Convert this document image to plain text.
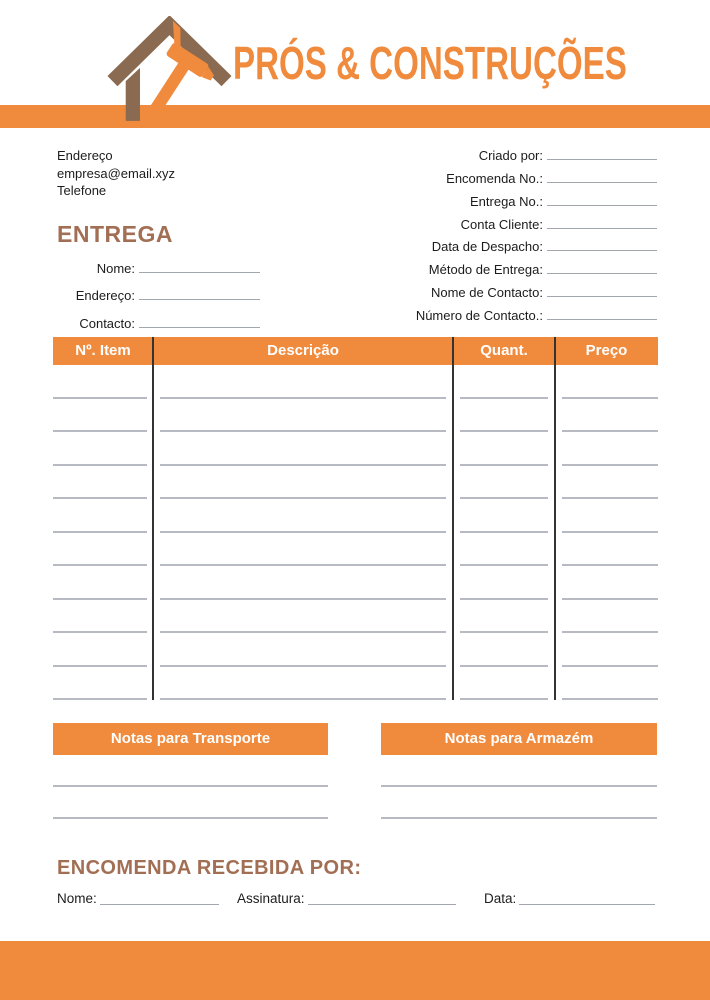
PRÓS & CONSTRUÇÕES
Endereço
empresa@email.xyz
Telefone
Criado por:
Encomenda No.:
Entrega No.:
Conta Cliente:
Data de Despacho:
Método de Entrega:
Nome de Contacto:
Número de Contacto.:
ENTREGA
Nome:
Endereço:
Contacto:
Nº. Item	Descrição	Quant.	Preço
Notas para Transporte	Notas para Armazém
ENCOMENDA RECEBIDA POR:
Nome:	Assinatura:	Data:
